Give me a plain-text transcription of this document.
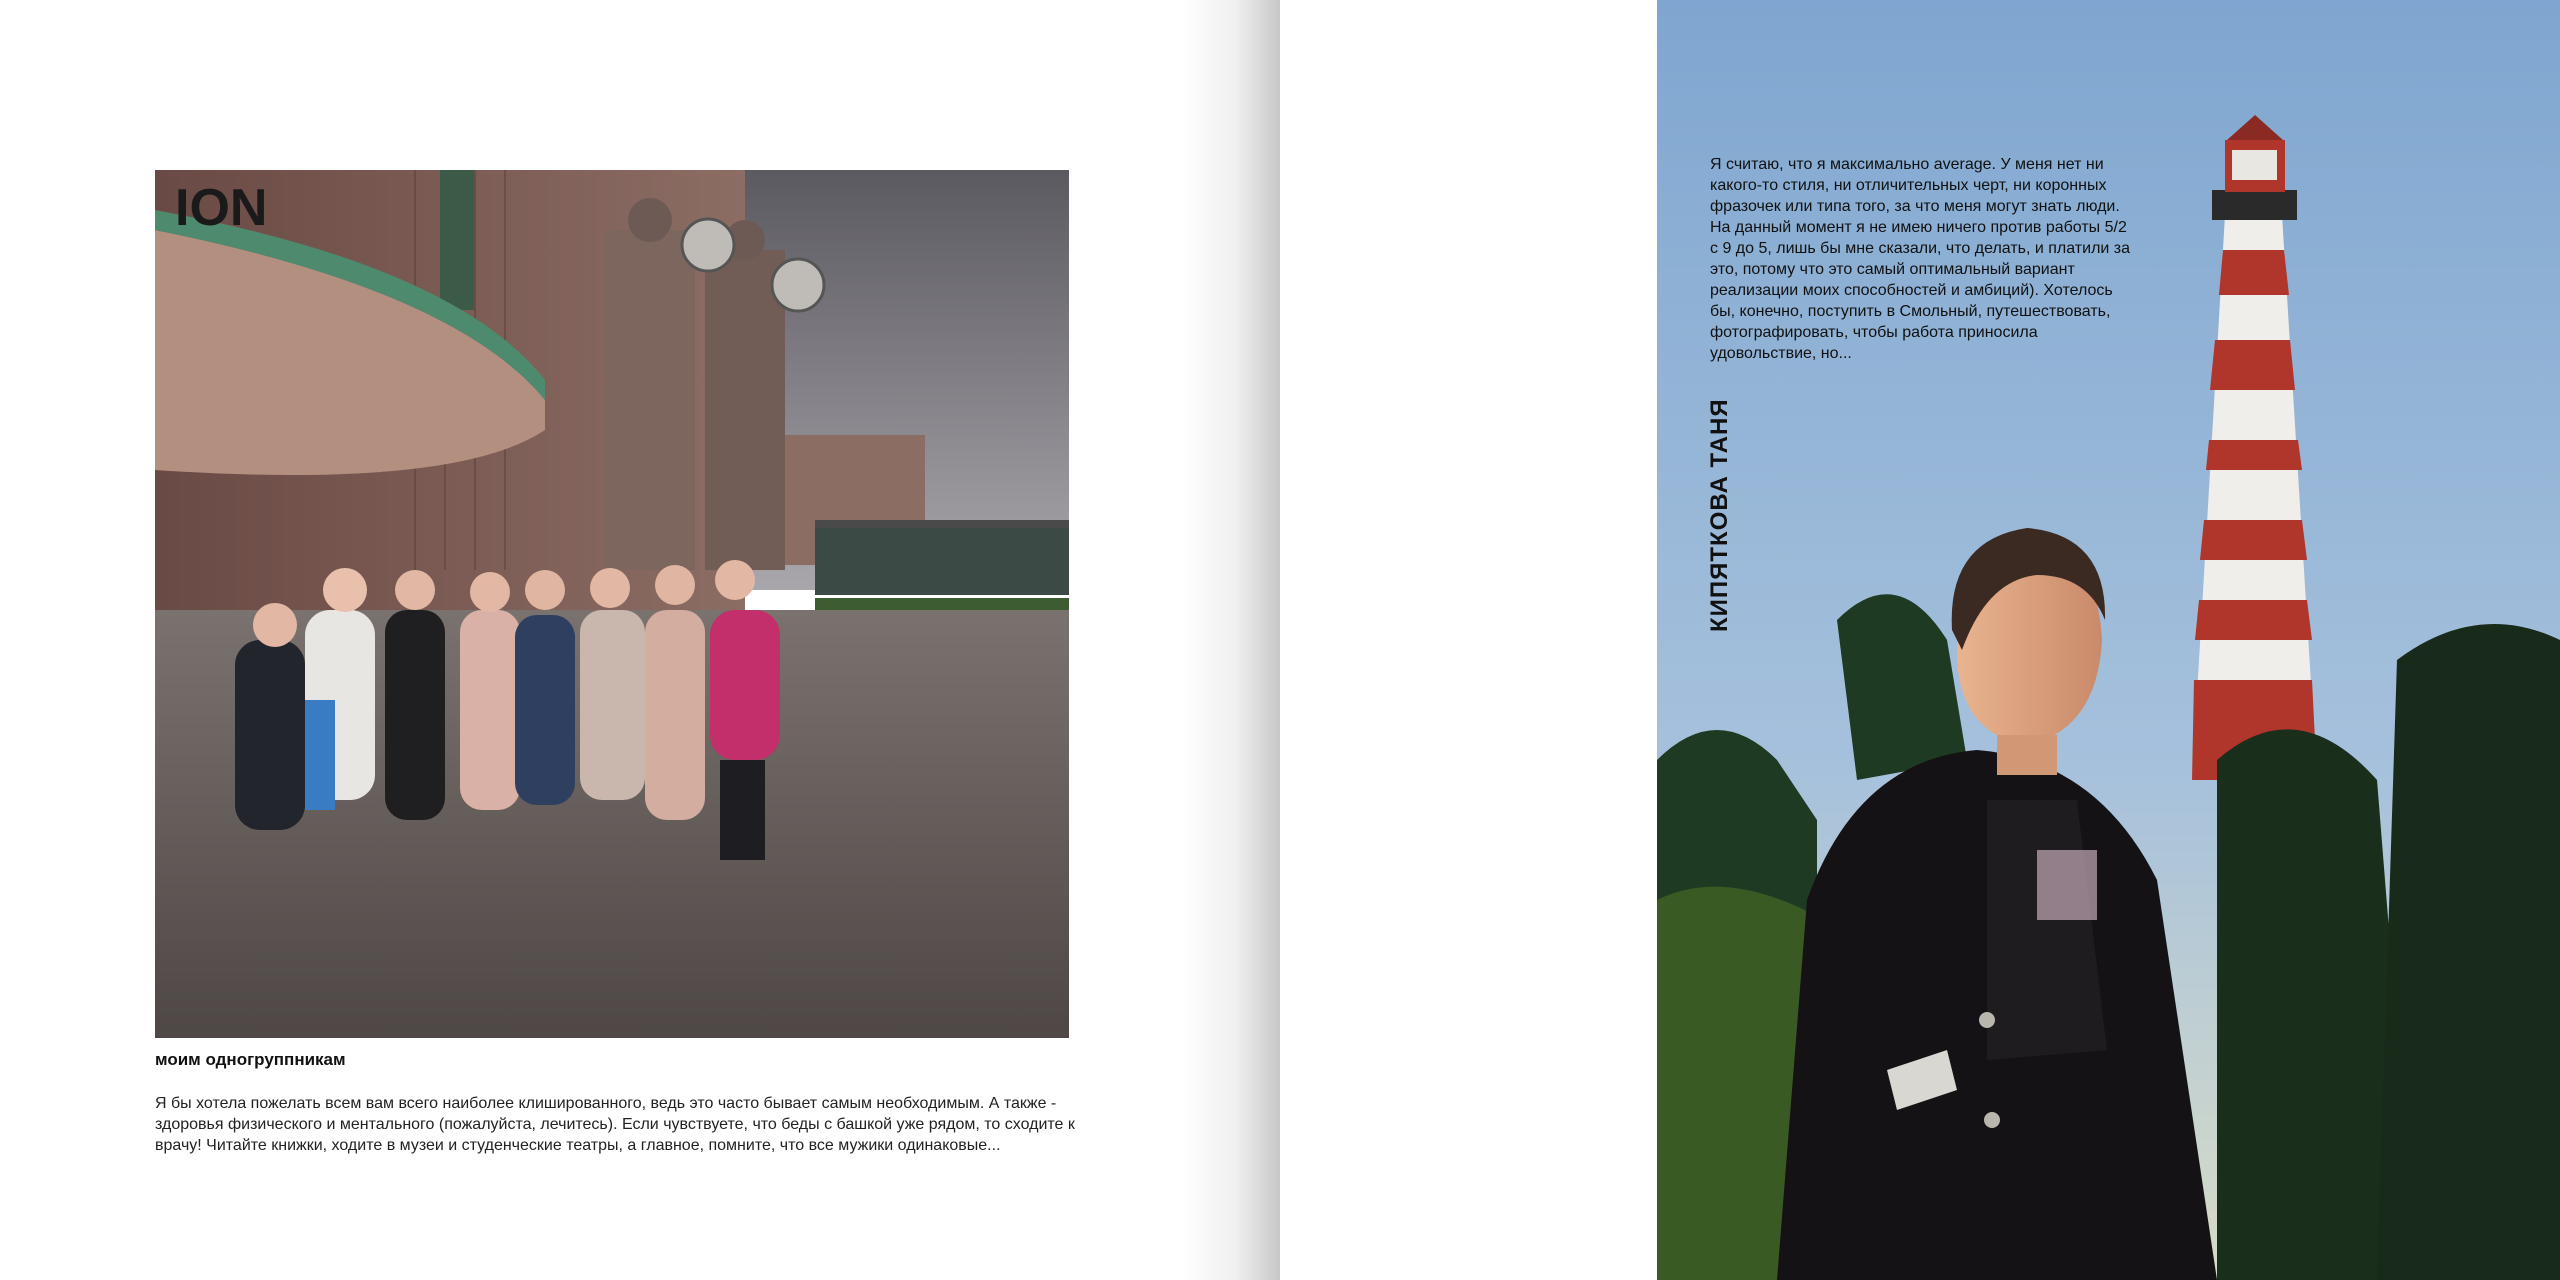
ION
моим одногруппникам
Я бы хотела пожелать всем вам всего наиболее клишированного, ведь это часто бывает самым необходимым. А также - здоровья физического и ментального (пожалуйста, лечитесь). Если чувствуете, что беды с башкой уже рядом, то сходите к врачу! Читайте книжки, ходите в музеи и студенческие театры, а главное, помните, что все мужики одинаковые...
Я считаю, что я максимально average. У меня нет ни какого-то стиля, ни отличительных черт, ни коронных фразочек или типа того, за что меня могут знать люди. На данный момент я не имею ничего против работы 5/2 с 9 до 5, лишь бы мне сказали, что делать, и платили за это, потому что это самый оптимальный вариант реализации моих способностей и амбиций). Хотелось бы, конечно, поступить в Смольный, путешествовать, фотографировать, чтобы работа приносила удовольствие, но...
КИПЯТКОВА ТАНЯ
